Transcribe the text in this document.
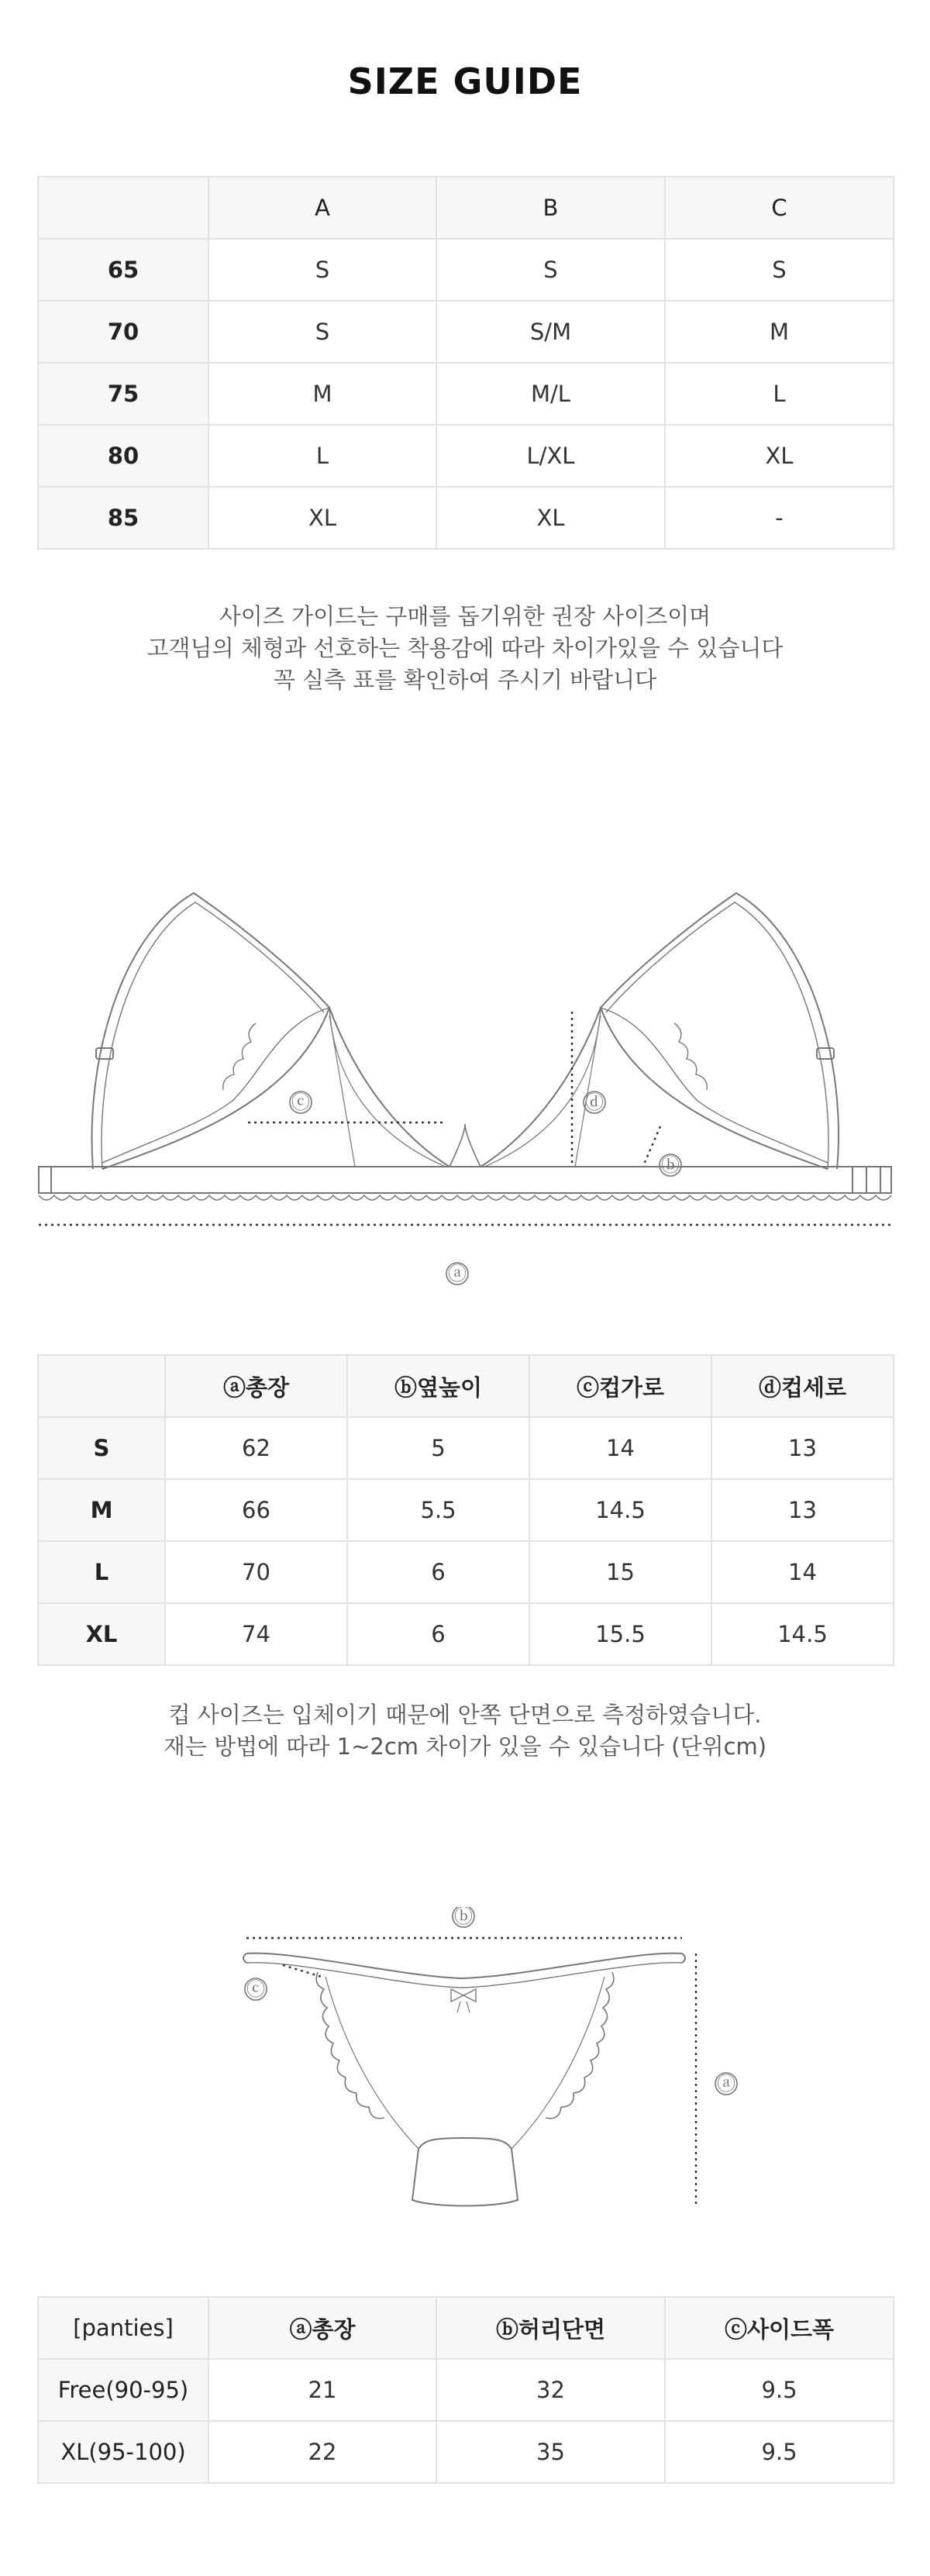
SIZE GUIDE
	A	B	C
65	S	S	S
70	S	S/M	M
75	M	M/L	L
80	L	L/XL	XL
85	XL	XL	-
사이즈 가이드는 구매를 돕기위한 권장 사이즈이며
고객님의 체형과 선호하는 착용감에 따라 차이가있을 수 있습니다
꼭 실측 표를 확인하여 주시기 바랍니다
ⓐ
ⓒ	ⓓ
ⓑ
	ⓐ총장	ⓑ옆높이	ⓒ컵가로	ⓓ컵세로
S	62	5	14	13
M	66	5.5	14.5	13
L	70	6	15	14
XL	74	6	15.5	14.5
컵 사이즈는 입체이기 때문에 안쪽 단면으로 측정하였습니다.
재는 방법에 따라 1~2cm 차이가 있을 수 있습니다 (단위cm)
ⓑ
ⓐ
ⓒ
[panties]	ⓐ총장	ⓑ허리단면	ⓒ사이드폭
Free(90-95)	21	32	9.5
XL(95-100)	22	35	9.5
